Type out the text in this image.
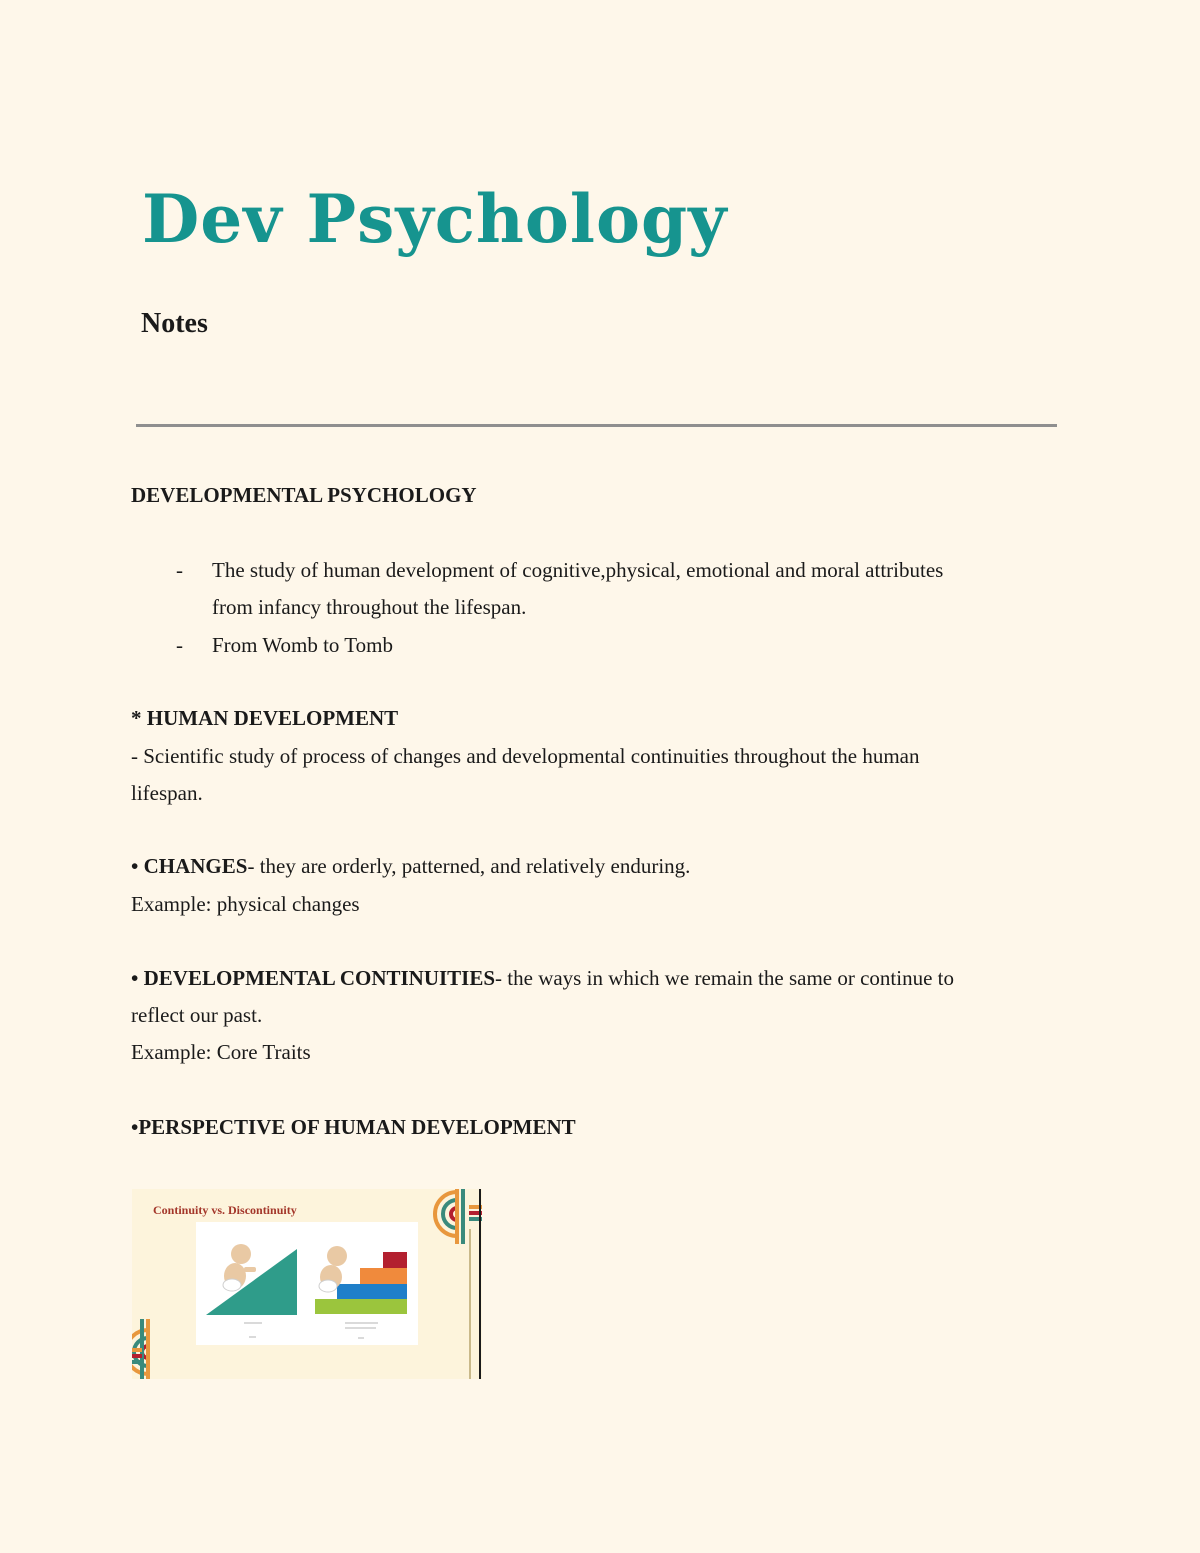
Dev Psychology
Notes
DEVELOPMENTAL PSYCHOLOGY
- The study of human development of cognitive,physical, emotional and moral attributes
from infancy throughout the lifespan.
- From Womb to Tomb
* HUMAN DEVELOPMENT
- Scientific study of process of changes and developmental continuities throughout the human
lifespan.
• CHANGES- they are orderly, patterned, and relatively enduring.
Example: physical changes
• DEVELOPMENTAL CONTINUITIES- the ways in which we remain the same or continue to
reflect our past.
Example: Core Traits
•PERSPECTIVE OF HUMAN DEVELOPMENT
Continuity vs. Discontinuity
